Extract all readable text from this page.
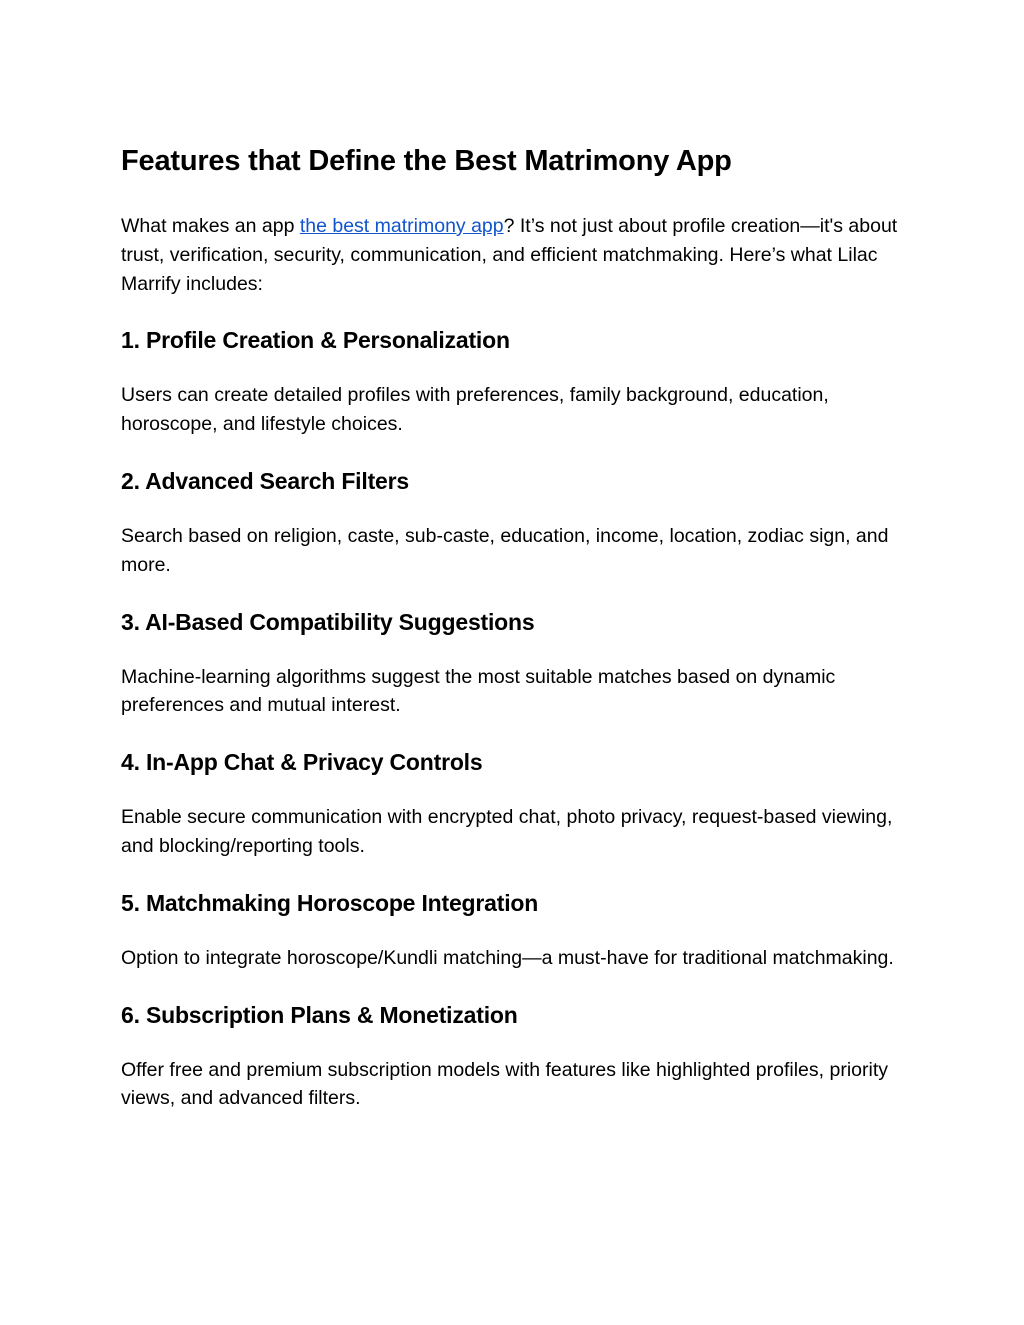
Features that Define the Best Matrimony App

What makes an app the best matrimony app? It’s not just about profile creation—it's about trust, verification, security, communication, and efficient matchmaking. Here’s what Lilac Marrify includes:

1. Profile Creation & Personalization

Users can create detailed profiles with preferences, family background, education, horoscope, and lifestyle choices.

2. Advanced Search Filters

Search based on religion, caste, sub-caste, education, income, location, zodiac sign, and more.

3. AI-Based Compatibility Suggestions

Machine-learning algorithms suggest the most suitable matches based on dynamic preferences and mutual interest.

4. In-App Chat & Privacy Controls

Enable secure communication with encrypted chat, photo privacy, request-based viewing, and blocking/reporting tools.

5. Matchmaking Horoscope Integration

Option to integrate horoscope/Kundli matching—a must-have for traditional matchmaking.

6. Subscription Plans & Monetization

Offer free and premium subscription models with features like highlighted profiles, priority views, and advanced filters.
